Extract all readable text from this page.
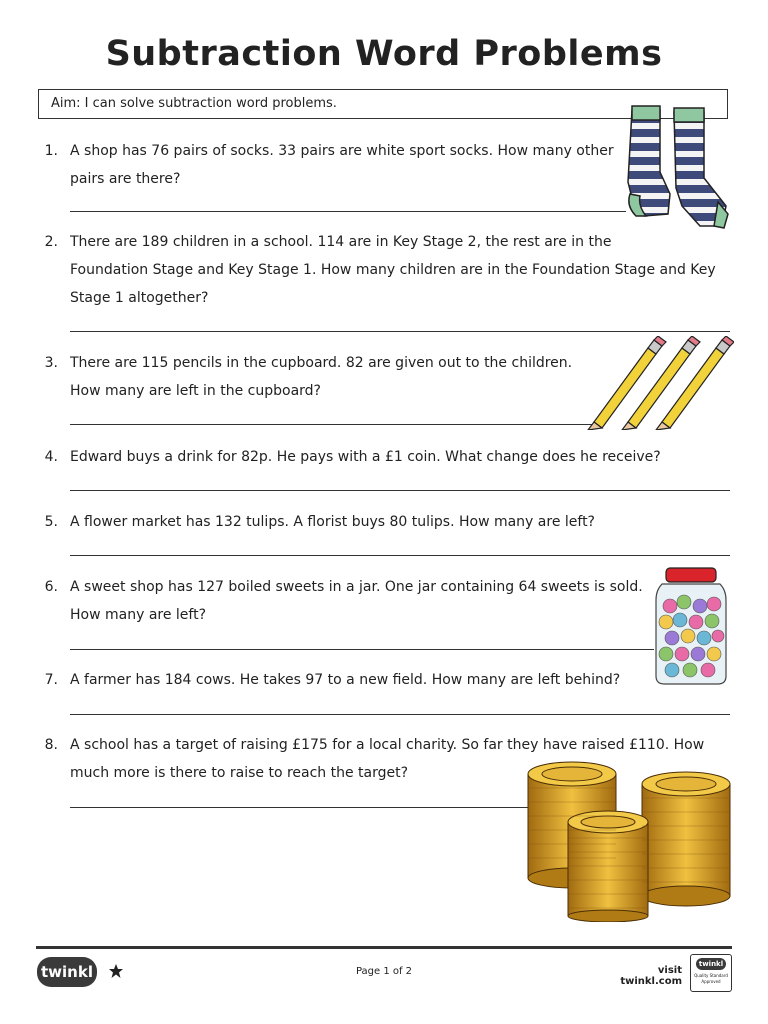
Subtraction Word Problems
Aim: I can solve subtraction word problems.
1. A shop has 76 pairs of socks. 33 pairs are white sport socks. How many other
pairs are there?
2. There are 189 children in a school. 114 are in Key Stage 2, the rest are in the
Foundation Stage and Key Stage 1. How many children are in the Foundation Stage and Key
Stage 1 altogether?
3. There are 115 pencils in the cupboard. 82 are given out to the children.
How many are left in the cupboard?
4. Edward buys a drink for 82p. He pays with a £1 coin. What change does he receive?
5. A flower market has 132 tulips. A florist buys 80 tulips. How many are left?
6. A sweet shop has 127 boiled sweets in a jar. One jar containing 64 sweets is sold.
How many are left?
7. A farmer has 184 cows. He takes 97 to a new field. How many are left behind?
8. A school has a target of raising £175 for a local charity. So far they have raised £110. How
much more is there to raise to reach the target?
twinkl	Page 1 of 2	visit twinkl.com
twinkl
Quality Standard
Approved
